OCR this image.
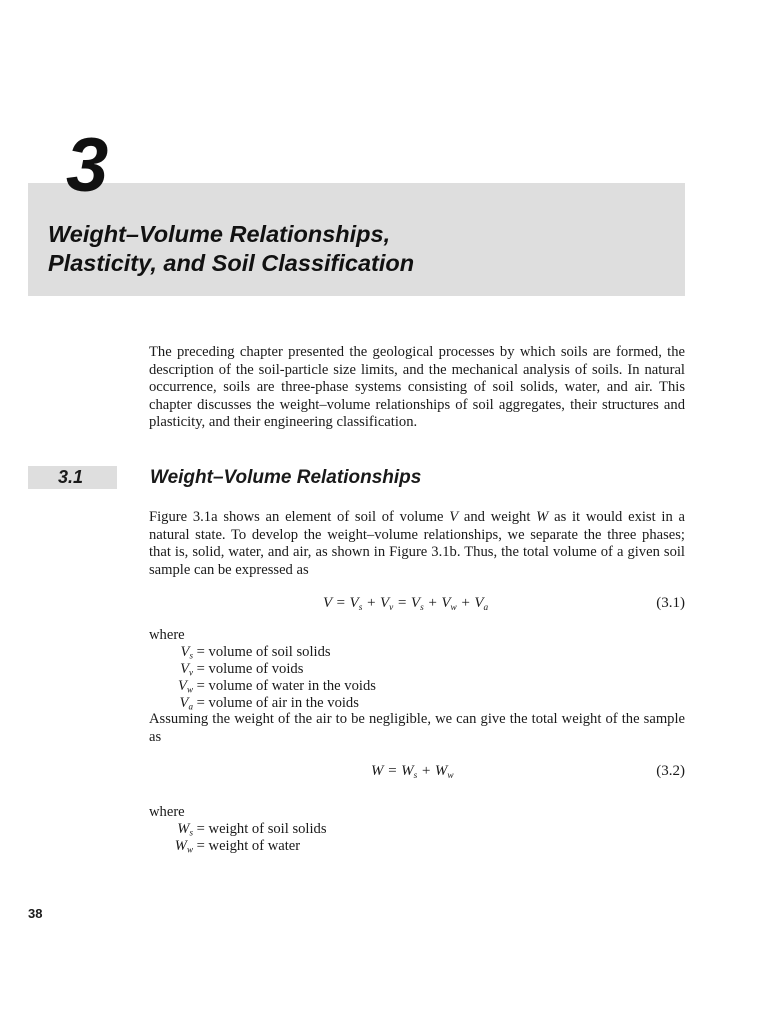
3
Weight–Volume Relationships,
Plasticity, and Soil Classification

The preceding chapter presented the geological processes by which soils are formed, the description of the soil-particle size limits, and the mechanical analysis of soils. In natural occurrence, soils are three-phase systems consisting of soil solids, water, and air. This chapter discusses the weight–volume relationships of soil aggregates, their structures and plasticity, and their engineering classification.

3.1	Weight–Volume Relationships

Figure 3.1a shows an element of soil of volume V and weight W as it would exist in a natural state. To develop the weight–volume relationships, we separate the three phases; that is, solid, water, and air, as shown in Figure 3.1b. Thus, the total volume of a given soil sample can be expressed as

$V = V_s + V_v = V_s + V_w + V_a$	(3.1)

where

$V_s$ = volume of soil solids
$V_v$ = volume of voids
$V_w$ = volume of water in the voids
$V_a$ = volume of air in the voids

Assuming the weight of the air to be negligible, we can give the total weight of the sample as

$W = W_s + W_w$	(3.2)

where

$W_s$ = weight of soil solids
$W_w$ = weight of water
38
